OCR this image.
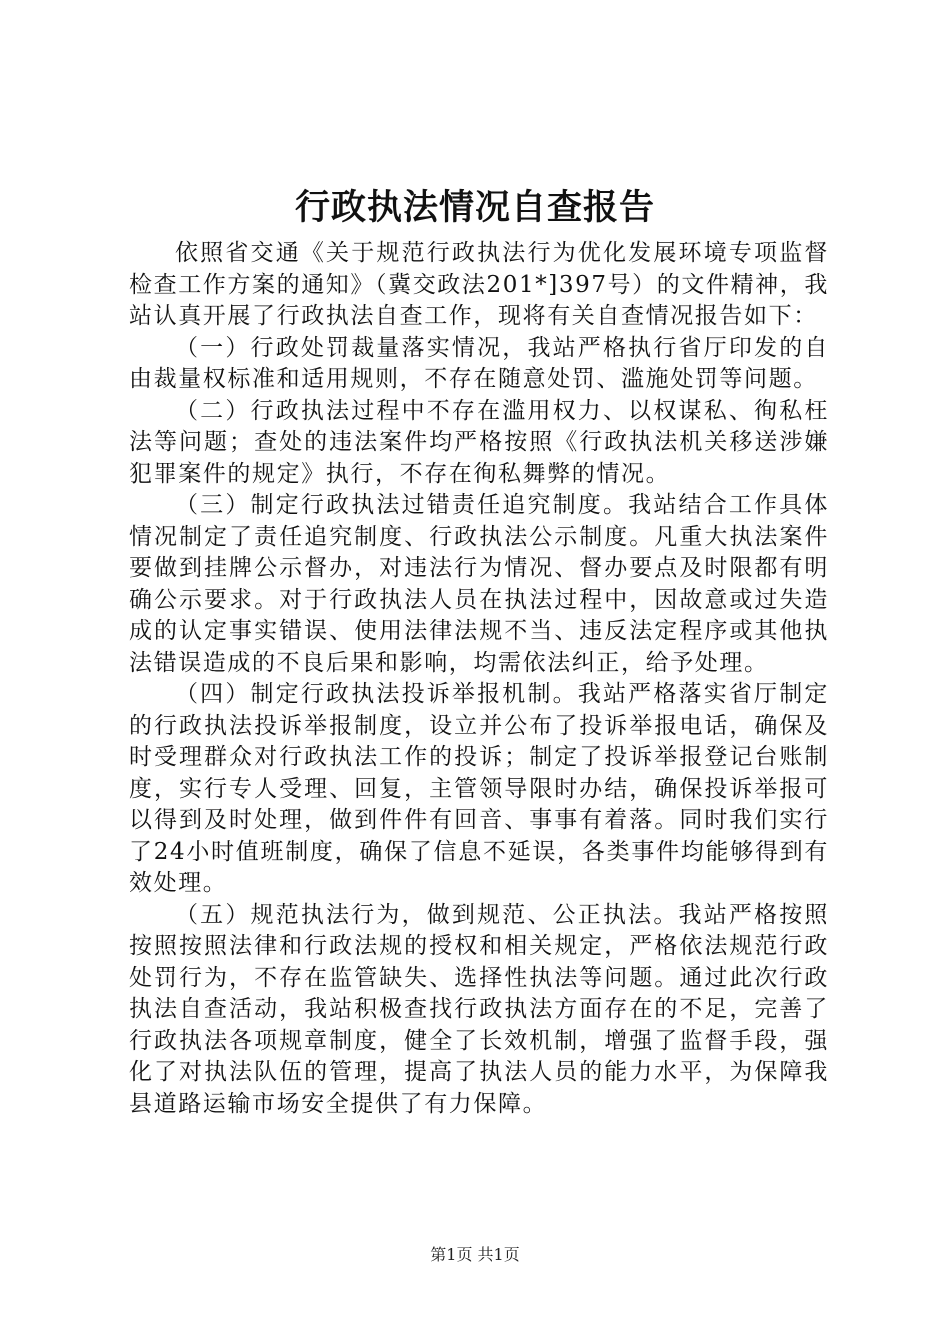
行政执法情况自查报告

依照省交通《关于规范行政执法行为优化发展环境专项监督检查工作方案的通知》（冀交政法201*]397号）的文件精神，我站认真开展了行政执法自查工作，现将有关自查情况报告如下：

（一）行政处罚裁量落实情况，我站严格执行省厅印发的自由裁量权标准和适用规则，不存在随意处罚、滥施处罚等问题。

（二）行政执法过程中不存在滥用权力、以权谋私、徇私枉法等问题；查处的违法案件均严格按照《行政执法机关移送涉嫌犯罪案件的规定》执行，不存在徇私舞弊的情况。

（三）制定行政执法过错责任追究制度。我站结合工作具体情况制定了责任追究制度、行政执法公示制度。凡重大执法案件要做到挂牌公示督办，对违法行为情况、督办要点及时限都有明确公示要求。对于行政执法人员在执法过程中，因故意或过失造成的认定事实错误、使用法律法规不当、违反法定程序或其他执法错误造成的不良后果和影响，均需依法纠正，给予处理。

（四）制定行政执法投诉举报机制。我站严格落实省厅制定的行政执法投诉举报制度，设立并公布了投诉举报电话，确保及时受理群众对行政执法工作的投诉；制定了投诉举报登记台账制度，实行专人受理、回复，主管领导限时办结，确保投诉举报可以得到及时处理，做到件件有回音、事事有着落。同时我们实行了24小时值班制度，确保了信息不延误，各类事件均能够得到有效处理。

（五）规范执法行为，做到规范、公正执法。我站严格按照按照按照法律和行政法规的授权和相关规定，严格依法规范行政处罚行为，不存在监管缺失、选择性执法等问题。通过此次行政执法自查活动，我站积极查找行政执法方面存在的不足，完善了行政执法各项规章制度，健全了长效机制，增强了监督手段，强化了对执法队伍的管理，提高了执法人员的能力水平，为保障我县道路运输市场安全提供了有力保障。

第1页 共1页
